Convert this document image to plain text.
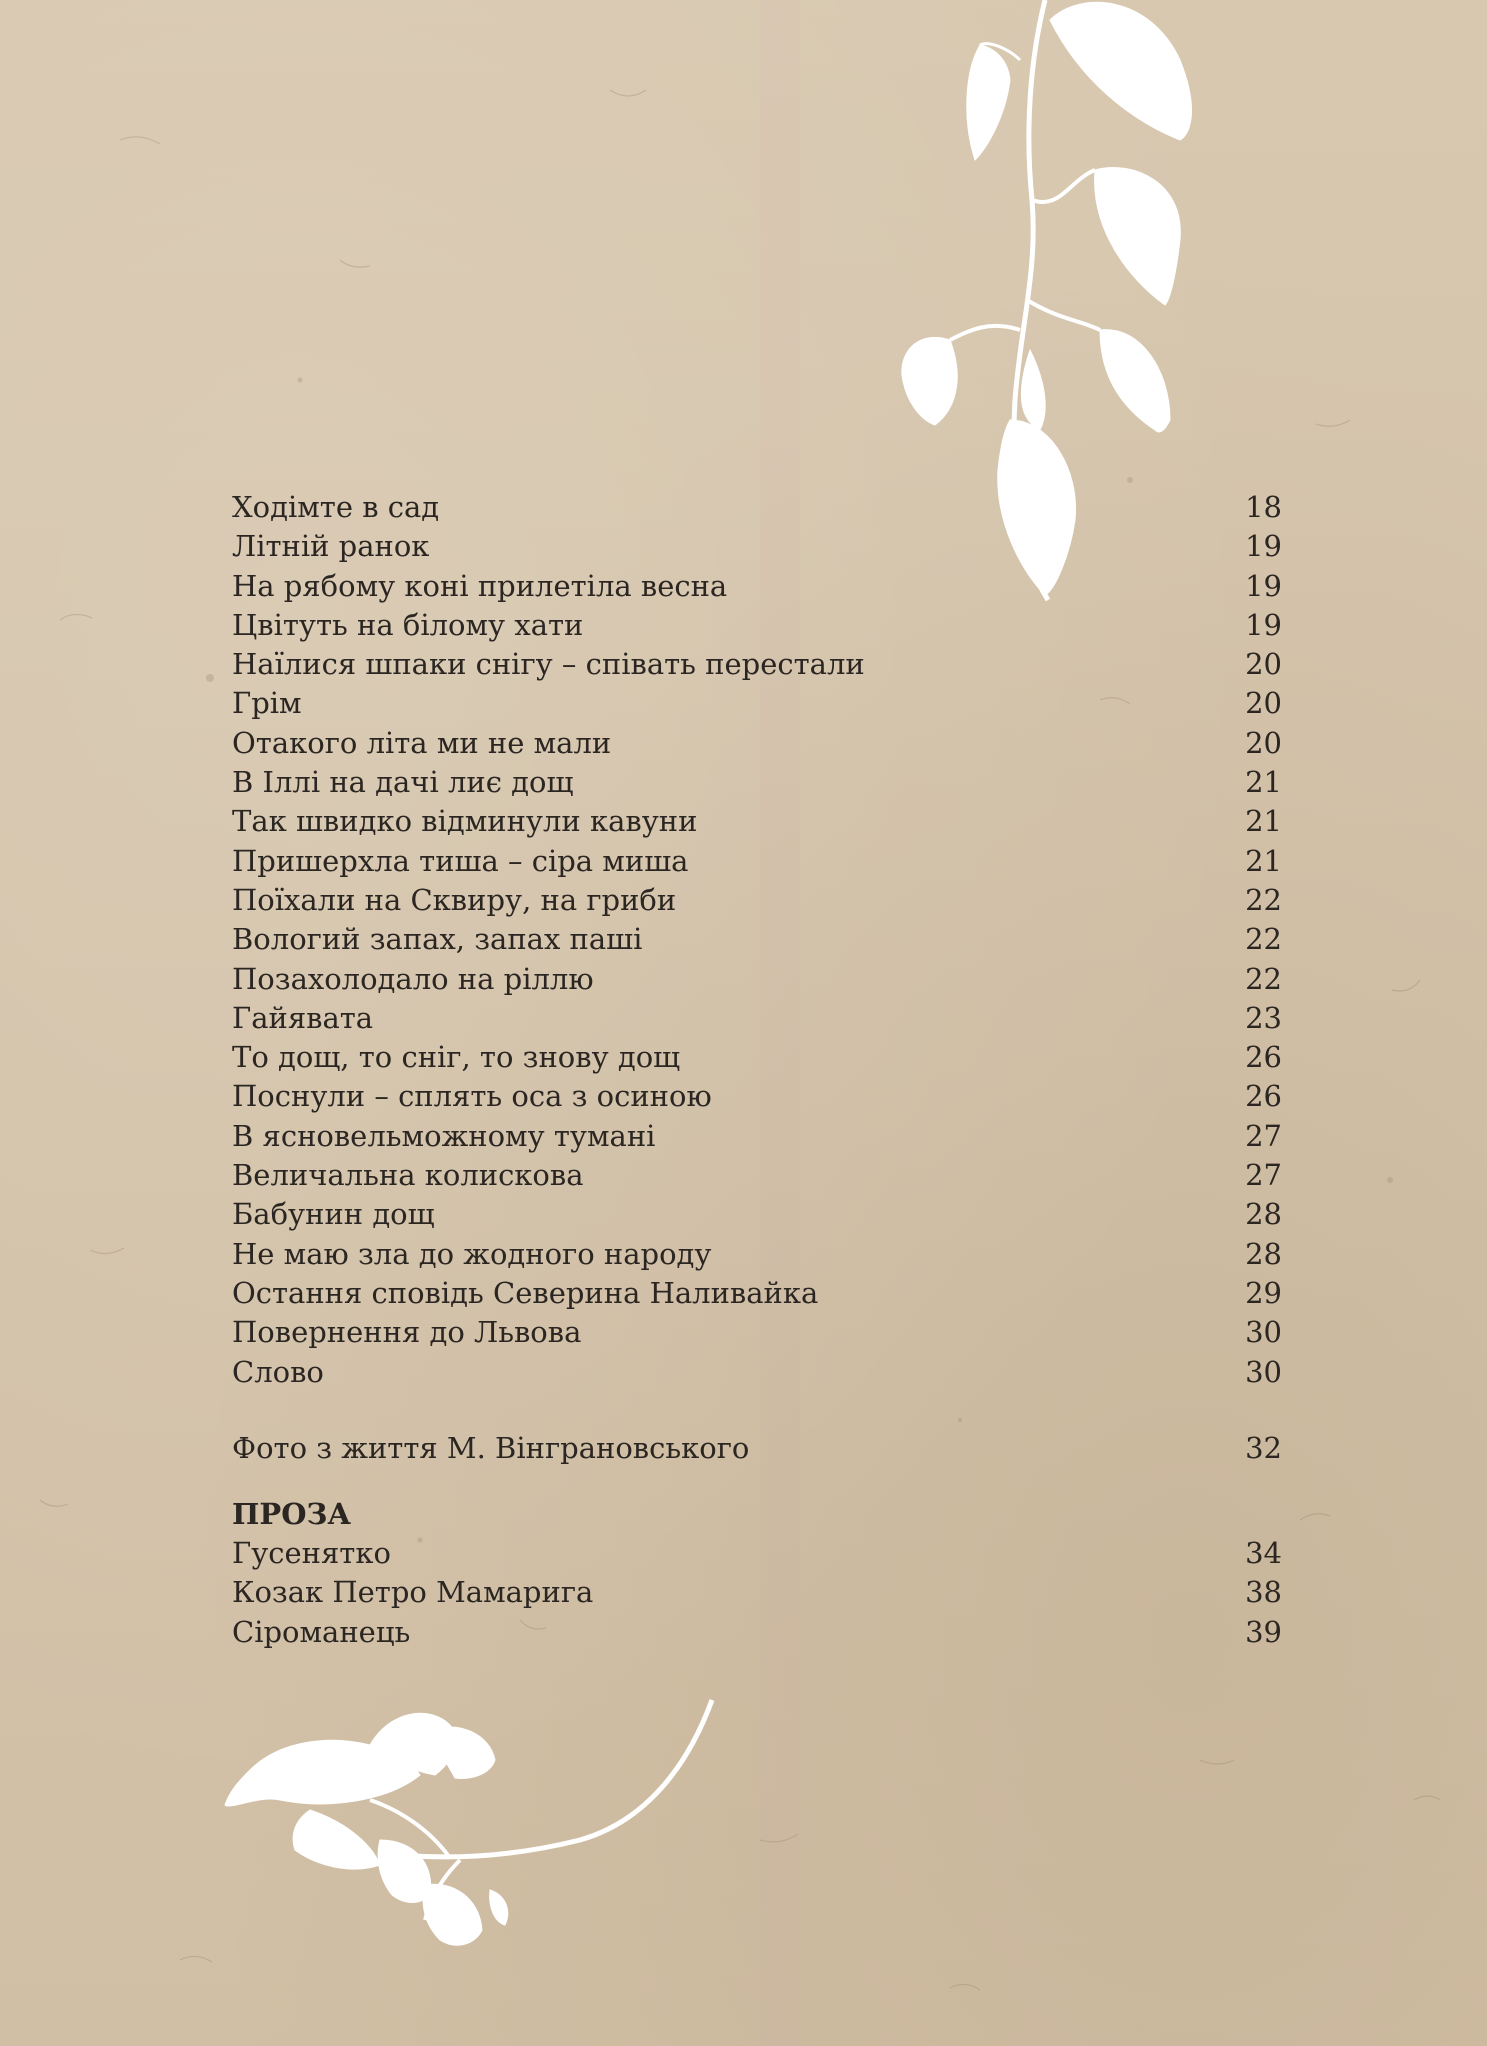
Ходімте в сад	18
Літній ранок	19
На рябому коні прилетіла весна	19
Цвітуть на білому хати	19
Наїлися шпаки снігу – співать перестали	20
Грім	20
Отакого літа ми не мали	20
В Іллі на дачі лиє дощ	21
Так швидко відминули кавуни	21
Пришерхла тиша – сіра миша	21
Поїхали на Сквиру, на гриби	22
Вологий запах, запах паші	22
Позахолодало на ріллю	22
Гайявата	23
То дощ, то сніг, то знову дощ	26
Поснули – сплять оса з осиною	26
В ясновельможному тумані	27
Величальна колискова	27
Бабунин дощ	28
Не маю зла до жодного народу	28
Остання сповідь Северина Наливайка	29
Повернення до Львова	30
Слово	30
Фото з життя М. Вінграновського	32
ПРОЗА
Гусенятко	34
Козак Петро Мамарига	38
Сіроманець	39
